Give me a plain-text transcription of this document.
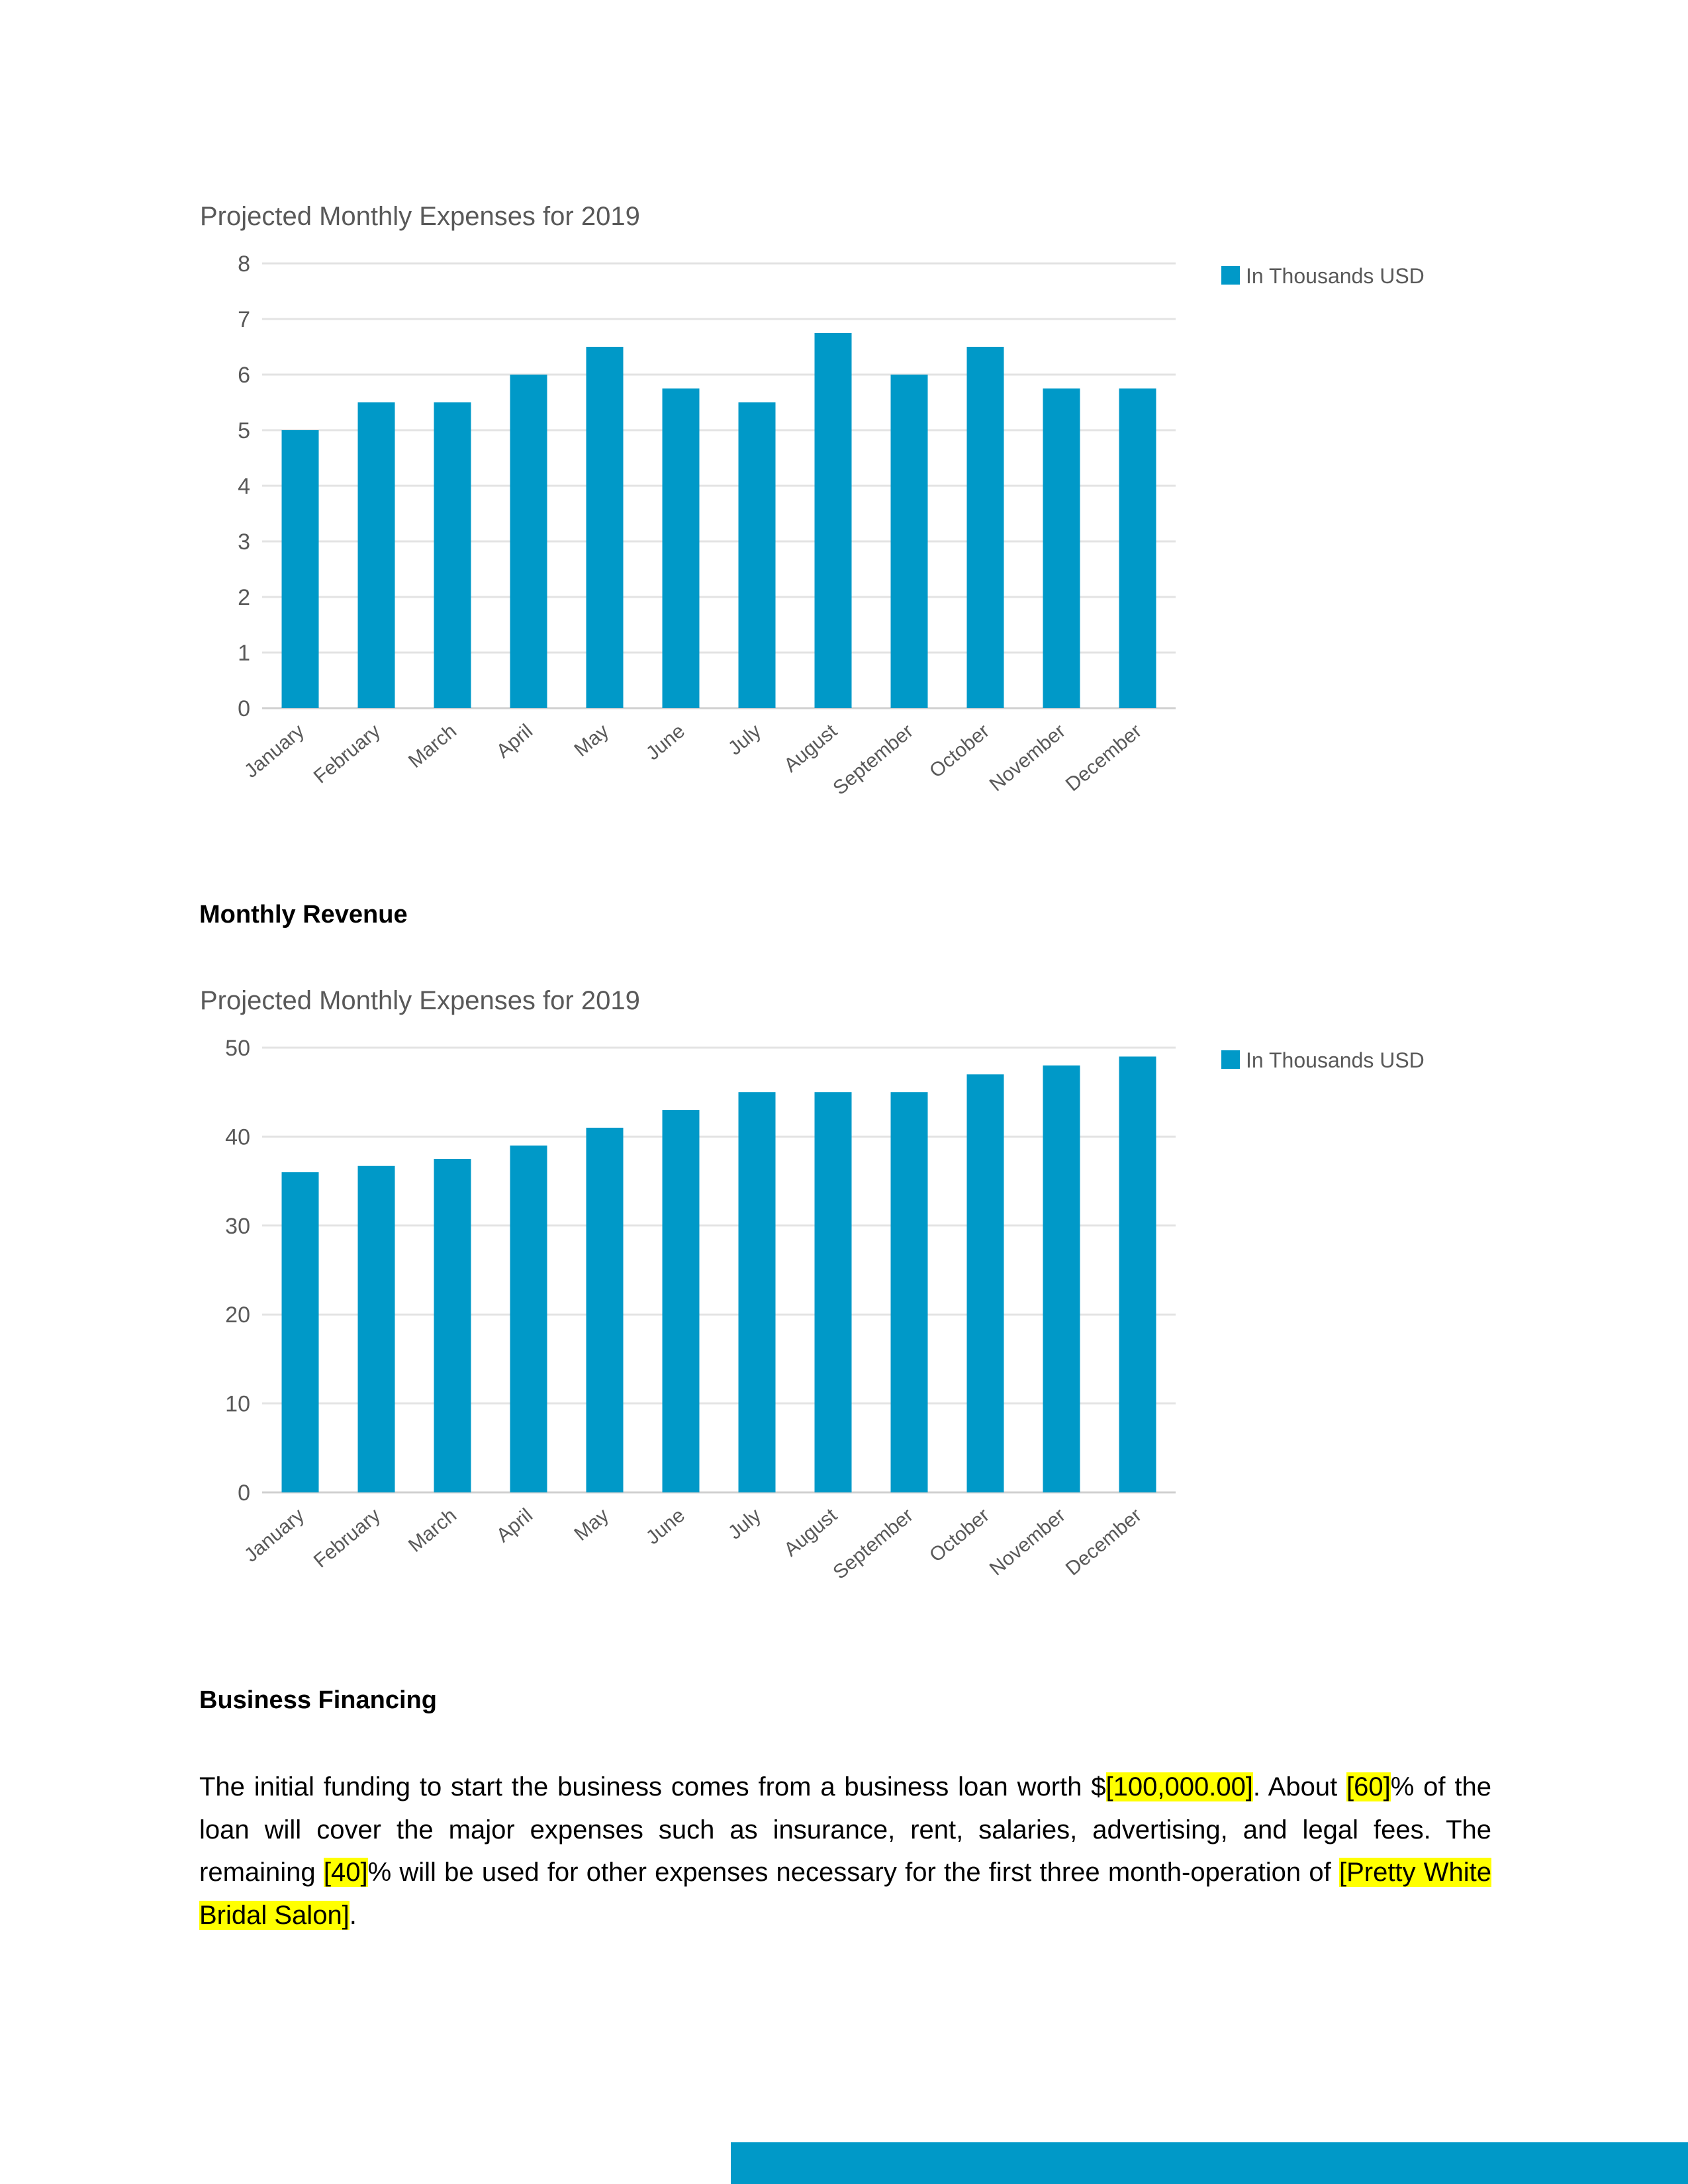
Projected Monthly Expenses for 2019
0
1
2
3
4
5
6
7
8
January February March April May June July August
September October
November
December
In Thousands USD
Monthly Revenue
Projected Monthly Expenses for 2019
0
10
20
30
40
50
January February March April May June July August
September October
November
December
In Thousands USD
Business Financing

The initial funding to start the business comes from a business loan worth $[100,000.00]. About [60]% of the loan will cover the major expenses such as insurance, rent, salaries, advertising, and legal fees. The remaining [40]% will be used for other expenses necessary for the first three month-operation of [Pretty White Bridal Salon].
